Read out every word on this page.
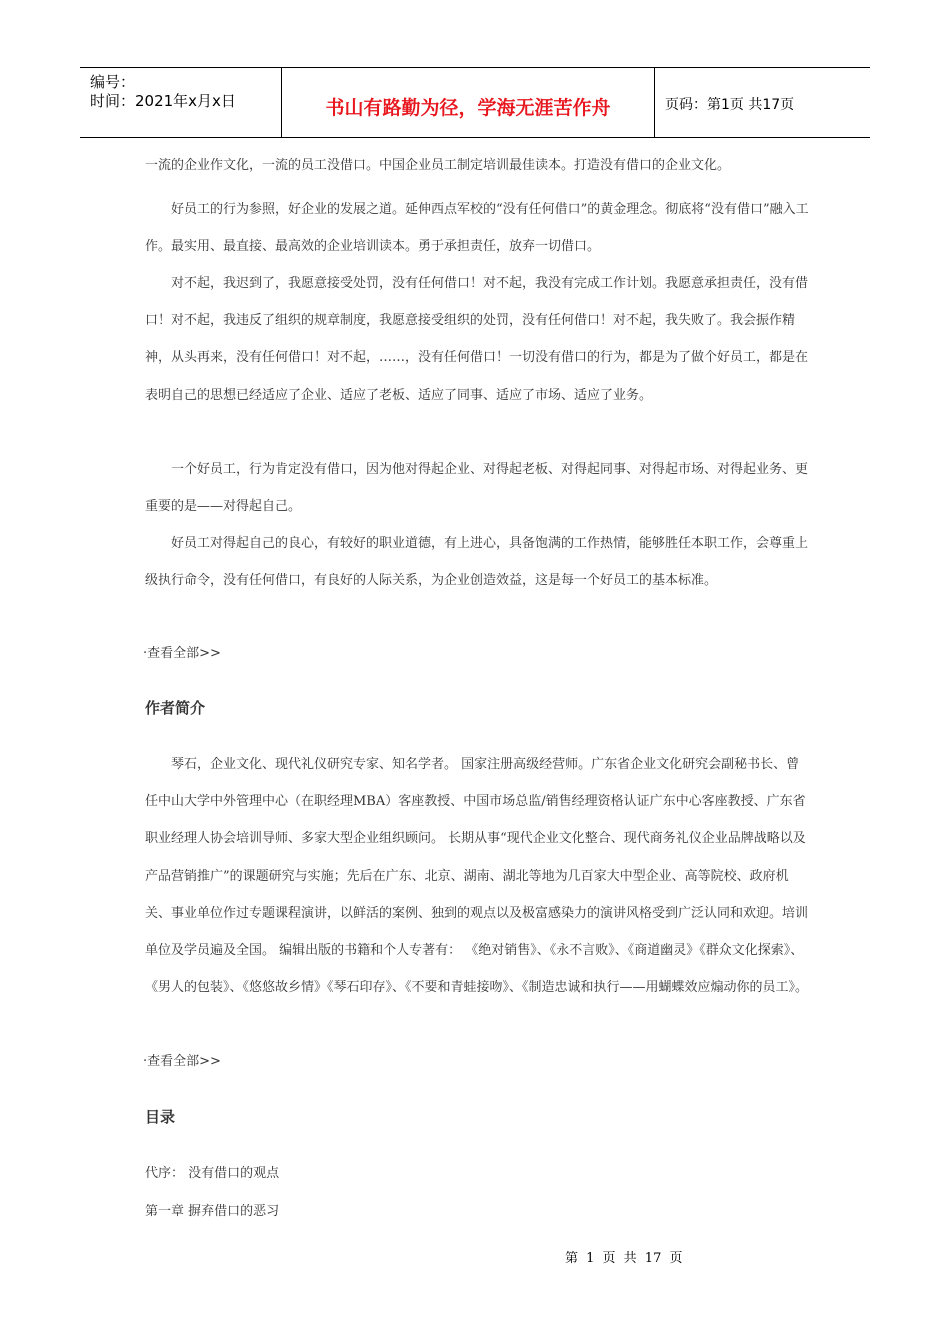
编号：
时间：2021年x月x日	书山有路勤为径，学海无涯苦作舟	页码：第1页 共17页

一流的企业作文化，一流的员工没借口。中国企业员工制定培训最佳读本。打造没有借口的企业文化。

好员工的行为参照，好企业的发展之道。延伸西点军校的“没有任何借口”的黄金理念。彻底将“没有借口”融入工作。最实用、最直接、最高效的企业培训读本。勇于承担责任，放弃一切借口。

对不起，我迟到了，我愿意接受处罚，没有任何借口！对不起，我没有完成工作计划。我愿意承担责任，没有借口！对不起，我违反了组织的规章制度，我愿意接受组织的处罚，没有任何借口！对不起，我失败了。我会振作精神，从头再来，没有任何借口！对不起，……，没有任何借口！一切没有借口的行为，都是为了做个好员工，都是在表明自己的思想已经适应了企业、适应了老板、适应了同事、适应了市场、适应了业务。

一个好员工，行为肯定没有借口，因为他对得起企业、对得起老板、对得起同事、对得起市场、对得起业务、更重要的是——对得起自己。

好员工对得起自己的良心，有较好的职业道德，有上进心，具备饱满的工作热情，能够胜任本职工作，会尊重上级执行命令，没有任何借口，有良好的人际关系，为企业创造效益，这是每一个好员工的基本标准。

·查看全部>>
作者简介

琴石，企业文化、现代礼仪研究专家、知名学者。 国家注册高级经营师。广东省企业文化研究会副秘书长、曾任中山大学中外管理中心（在职经理MBA）客座教授、中国市场总监/销售经理资格认证广东中心客座教授、广东省职业经理人协会培训导师、多家大型企业组织顾问。 长期从事“现代企业文化整合、现代商务礼仪企业品牌战略以及产品营销推广”的课题研究与实施；先后在广东、北京、湖南、湖北等地为几百家大中型企业、高等院校、政府机关、事业单位作过专题课程演讲，以鲜活的案例、独到的观点以及极富感染力的演讲风格受到广泛认同和欢迎。培训单位及学员遍及全国。 编辑出版的书籍和个人专著有： 《绝对销售》、《永不言败》、《商道幽灵》《群众文化探索》、《男人的包装》、《悠悠故乡情》《琴石印存》、《不要和青蛙接吻》、《制造忠诚和执行——用蝴蝶效应煽动你的员工》。

·查看全部>>
目录
代序： 没有借口的观点
第一章 摒弃借口的恶习
第 1 页 共 17 页
